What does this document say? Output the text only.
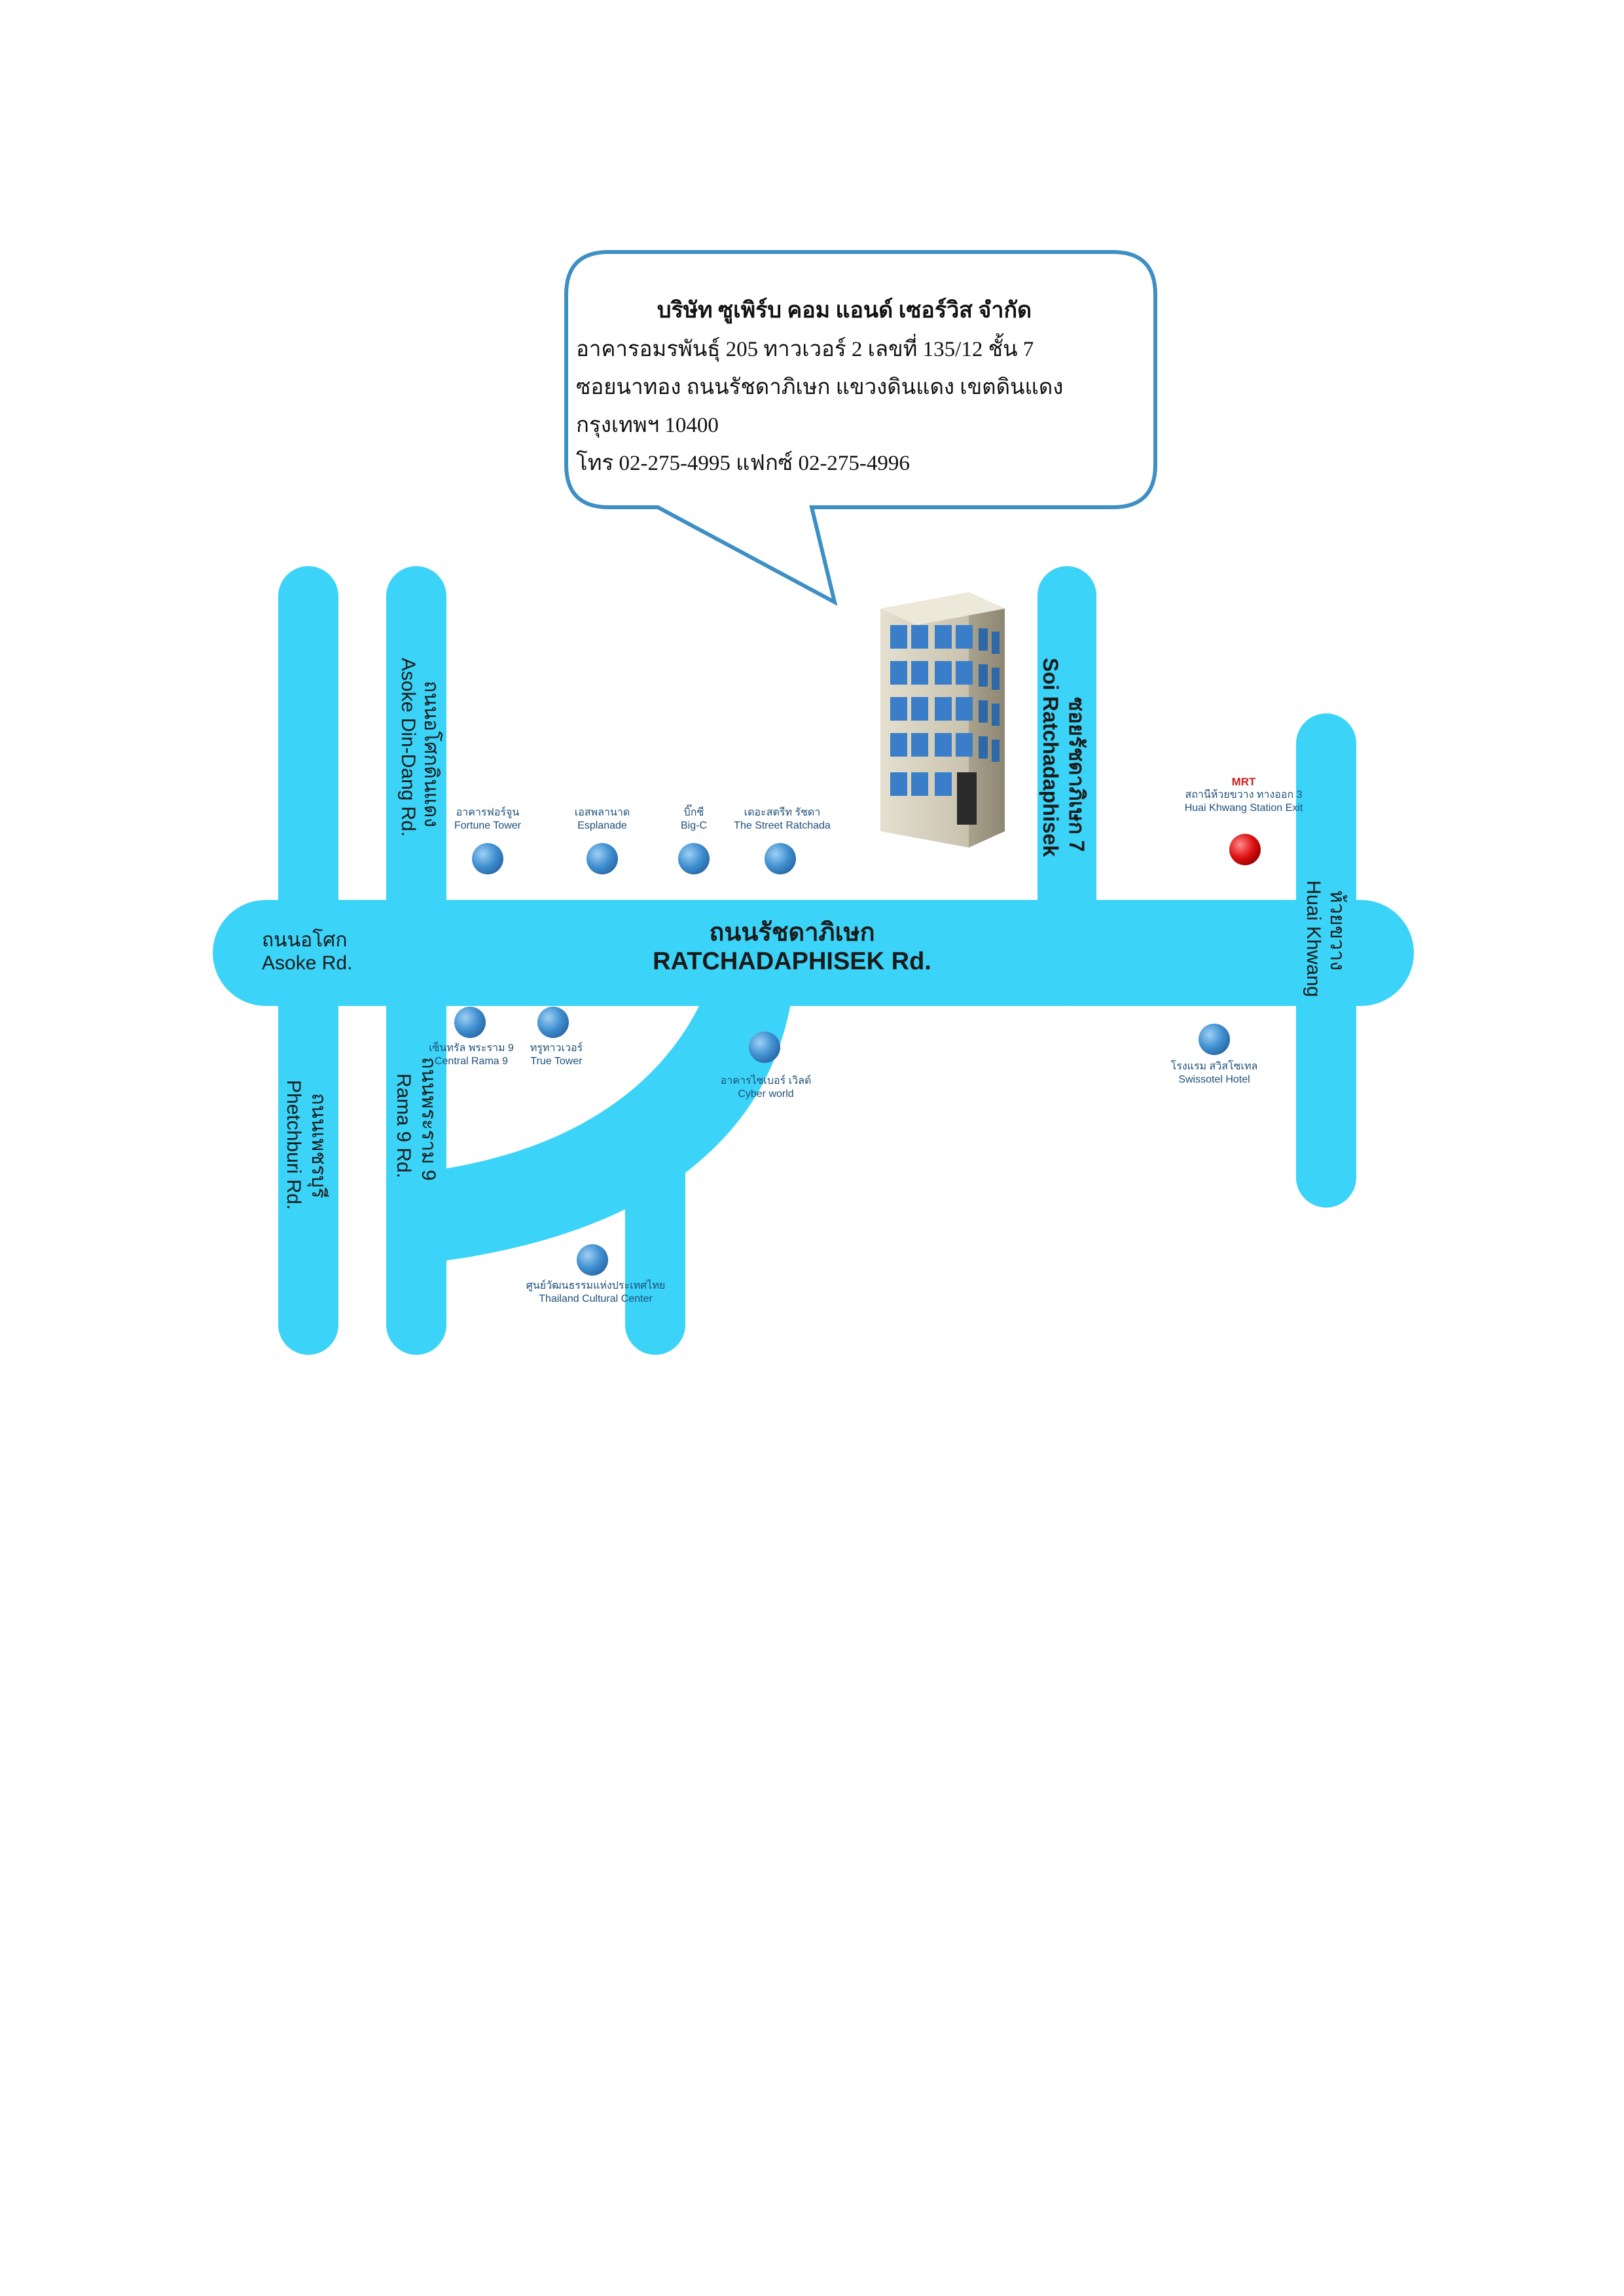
บริษัท ซูเพิร์บ คอม แอนด์ เซอร์วิส จำกัด
อาคารอมรพันธุ์ 205 ทาวเวอร์ 2 เลขที่ 135/12 ชั้น 7
ซอยนาทอง ถนนรัชดาภิเษก แขวงดินแดง เขตดินแดง
กรุงเทพฯ 10400
โทร 02-275-4995 แฟกซ์ 02-275-4996
ถนนรัชดาภิเษก
RATCHADAPHISEK Rd.
ถนนอโศก
Asoke Rd.
Asoke Din-Dang Rd. ถนนอโศกดินแดง
Phetchburi Rd. ถนนเพชรบุรี	Rama 9 Rd. ถนนพระราม 9
Soi Ratchadaphisek ซอยรัชดาภิเษก 7
Huai Khwang ห้วยขวาง
อาคารฟอร์จูน
Fortune Tower
เอสพลานาด
Esplanade
บิ๊กซี
Big-C
เดอะสตรีท รัชดา
The Street Ratchada
MRT
สถานีห้วยขวาง ทางออก 3
Huai Khwang Station Exit
เซ็นทรัล พระราม 9
Central Rama 9
ทรูทาวเวอร์
True Tower
อาคารไซเบอร์ เวิลด์
Cyber world
โรงแรม สวิสโซเทล
Swissotel Hotel
ศูนย์วัฒนธรรมแห่งประเทศไทย
Thailand Cultural Center
